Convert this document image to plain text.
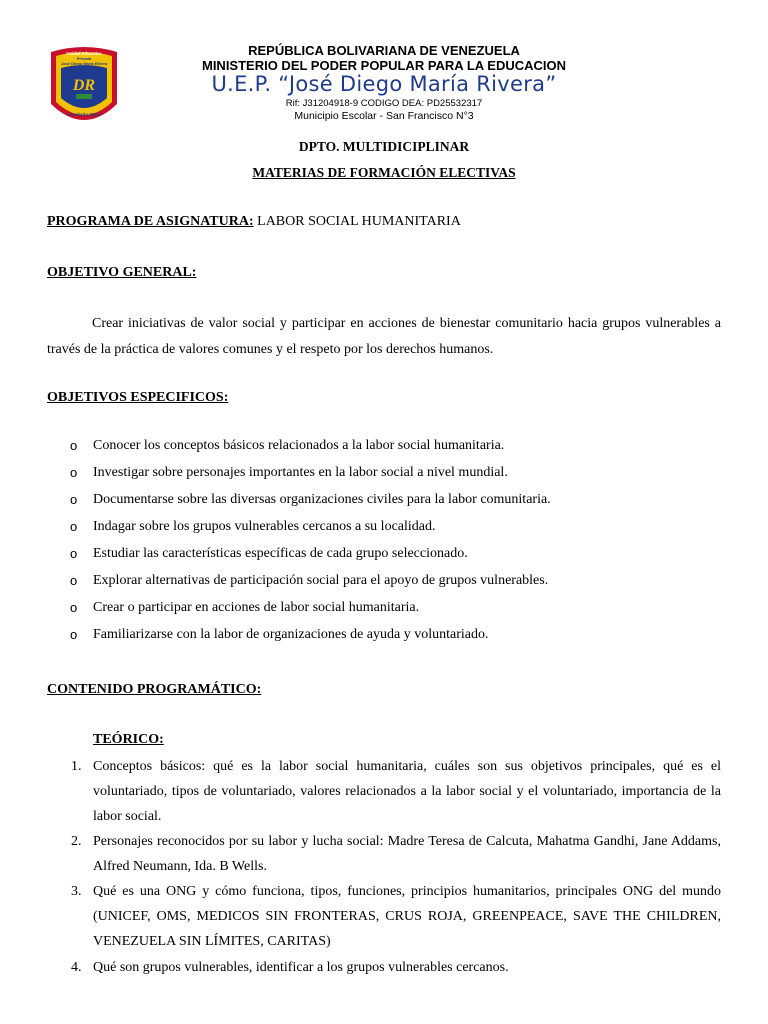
Unidad Educativa
Privada
José Diego María Rivera
DR
Fundada 2004
REPÚBLICA BOLIVARIANA DE VENEZUELA
MINISTERIO DEL PODER POPULAR PARA LA EDUCACION
U.E.P. “José Diego María Rivera”
Rif: J31204918-9 CODIGO DEA: PD25532317
Municipio Escolar - San Francisco N°3
DPTO. MULTIDICIPLINAR
MATERIAS DE FORMACIÓN ELECTIVAS
PROGRAMA DE ASIGNATURA: LABOR SOCIAL HUMANITARIA
OBJETIVO GENERAL:

Crear iniciativas de valor social y participar en acciones de bienestar comunitario hacia grupos vulnerables a través de la práctica de valores comunes y el respeto por los derechos humanos.

OBJETIVOS ESPECIFICOS:
o Conocer los conceptos básicos relacionados a la labor social humanitaria.
o Investigar sobre personajes importantes en la labor social a nivel mundial.
o Documentarse sobre las diversas organizaciones civiles para la labor comunitaria.
o Indagar sobre los grupos vulnerables cercanos a su localidad.
o Estudiar las características específicas de cada grupo seleccionado.
o Explorar alternativas de participación social para el apoyo de grupos vulnerables.
o Crear o participar en acciones de labor social humanitaria.
o Familiarizarse con la labor de organizaciones de ayuda y voluntariado.
CONTENIDO PROGRAMÁTICO:
TEÓRICO:
1. Conceptos básicos: qué es la labor social humanitaria, cuáles son sus objetivos principales, qué es el voluntariado, tipos de voluntariado, valores relacionados a la labor social y el voluntariado, importancia de la labor social.
2. Personajes reconocidos por su labor y lucha social: Madre Teresa de Calcuta, Mahatma Gandhi, Jane Addams, Alfred Neumann, Ida. B Wells.
3. Qué es una ONG y cómo funciona, tipos, funciones, principios humanitarios, principales ONG del mundo (UNICEF, OMS, MEDICOS SIN FRONTERAS, CRUS ROJA, GREENPEACE, SAVE THE CHILDREN, VENEZUELA SIN LÍMITES, CARITAS)
4. Qué son grupos vulnerables, identificar a los grupos vulnerables cercanos.
